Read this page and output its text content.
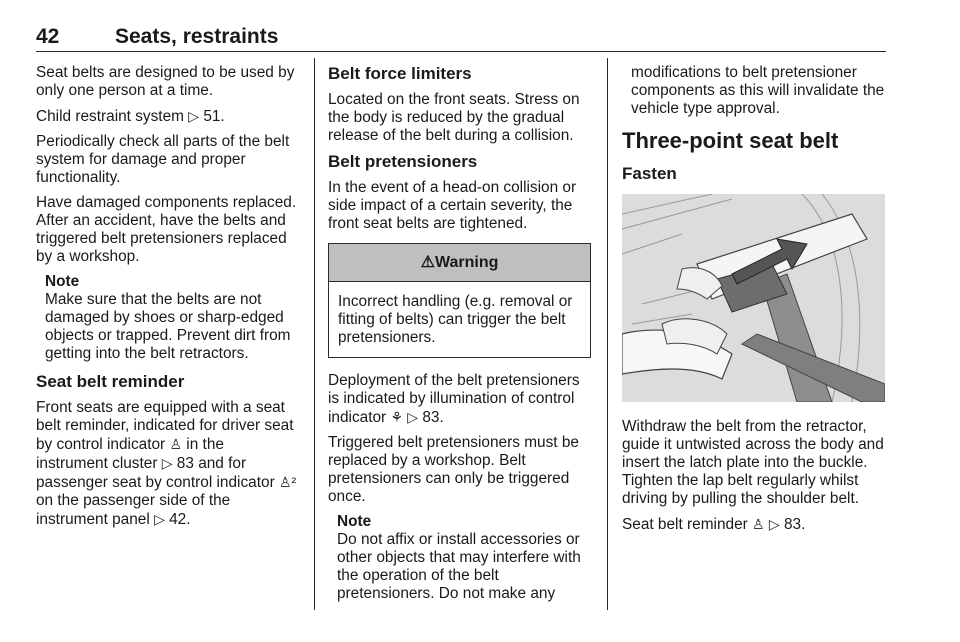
42	Seats, restraints

Seat belts are designed to be used by only one person at a time.

Child restraint system ▷ 51.

Periodically check all parts of the belt system for damage and proper functionality.

Have damaged components replaced. After an accident, have the belts and triggered belt pretensioners replaced by a workshop.

Note
Make sure that the belts are not damaged by shoes or sharp-edged objects or trapped. Prevent dirt from getting into the belt retractors.
Seat belt reminder

Front seats are equipped with a seat belt reminder, indicated for driver seat by control indicator ♙ in the instrument cluster ▷ 83 and for passenger seat by control indicator ♙² on the passenger side of the instrument panel ▷ 42.

Belt force limiters

Located on the front seats. Stress on the body is reduced by the gradual release of the belt during a collision.

Belt pretensioners

In the event of a head-on collision or side impact of a certain severity, the front seat belts are tightened.

⚠Warning
Incorrect handling (e.g. removal or fitting of belts) can trigger the belt pretensioners.

Deployment of the belt pretensioners is indicated by illumination of control indicator ⚘ ▷ 83.

Triggered belt pretensioners must be replaced by a workshop. Belt pretensioners can only be triggered once.

Note
Do not affix or install accessories or other objects that may interfere with the operation of the belt pretensioners. Do not make any

modifications to belt pretensioner components as this will invalidate the vehicle type approval.

Three-point seat belt
Fasten

Withdraw the belt from the retractor, guide it untwisted across the body and insert the latch plate into the buckle. Tighten the lap belt regularly whilst driving by pulling the shoulder belt.

Seat belt reminder ♙ ▷ 83.
